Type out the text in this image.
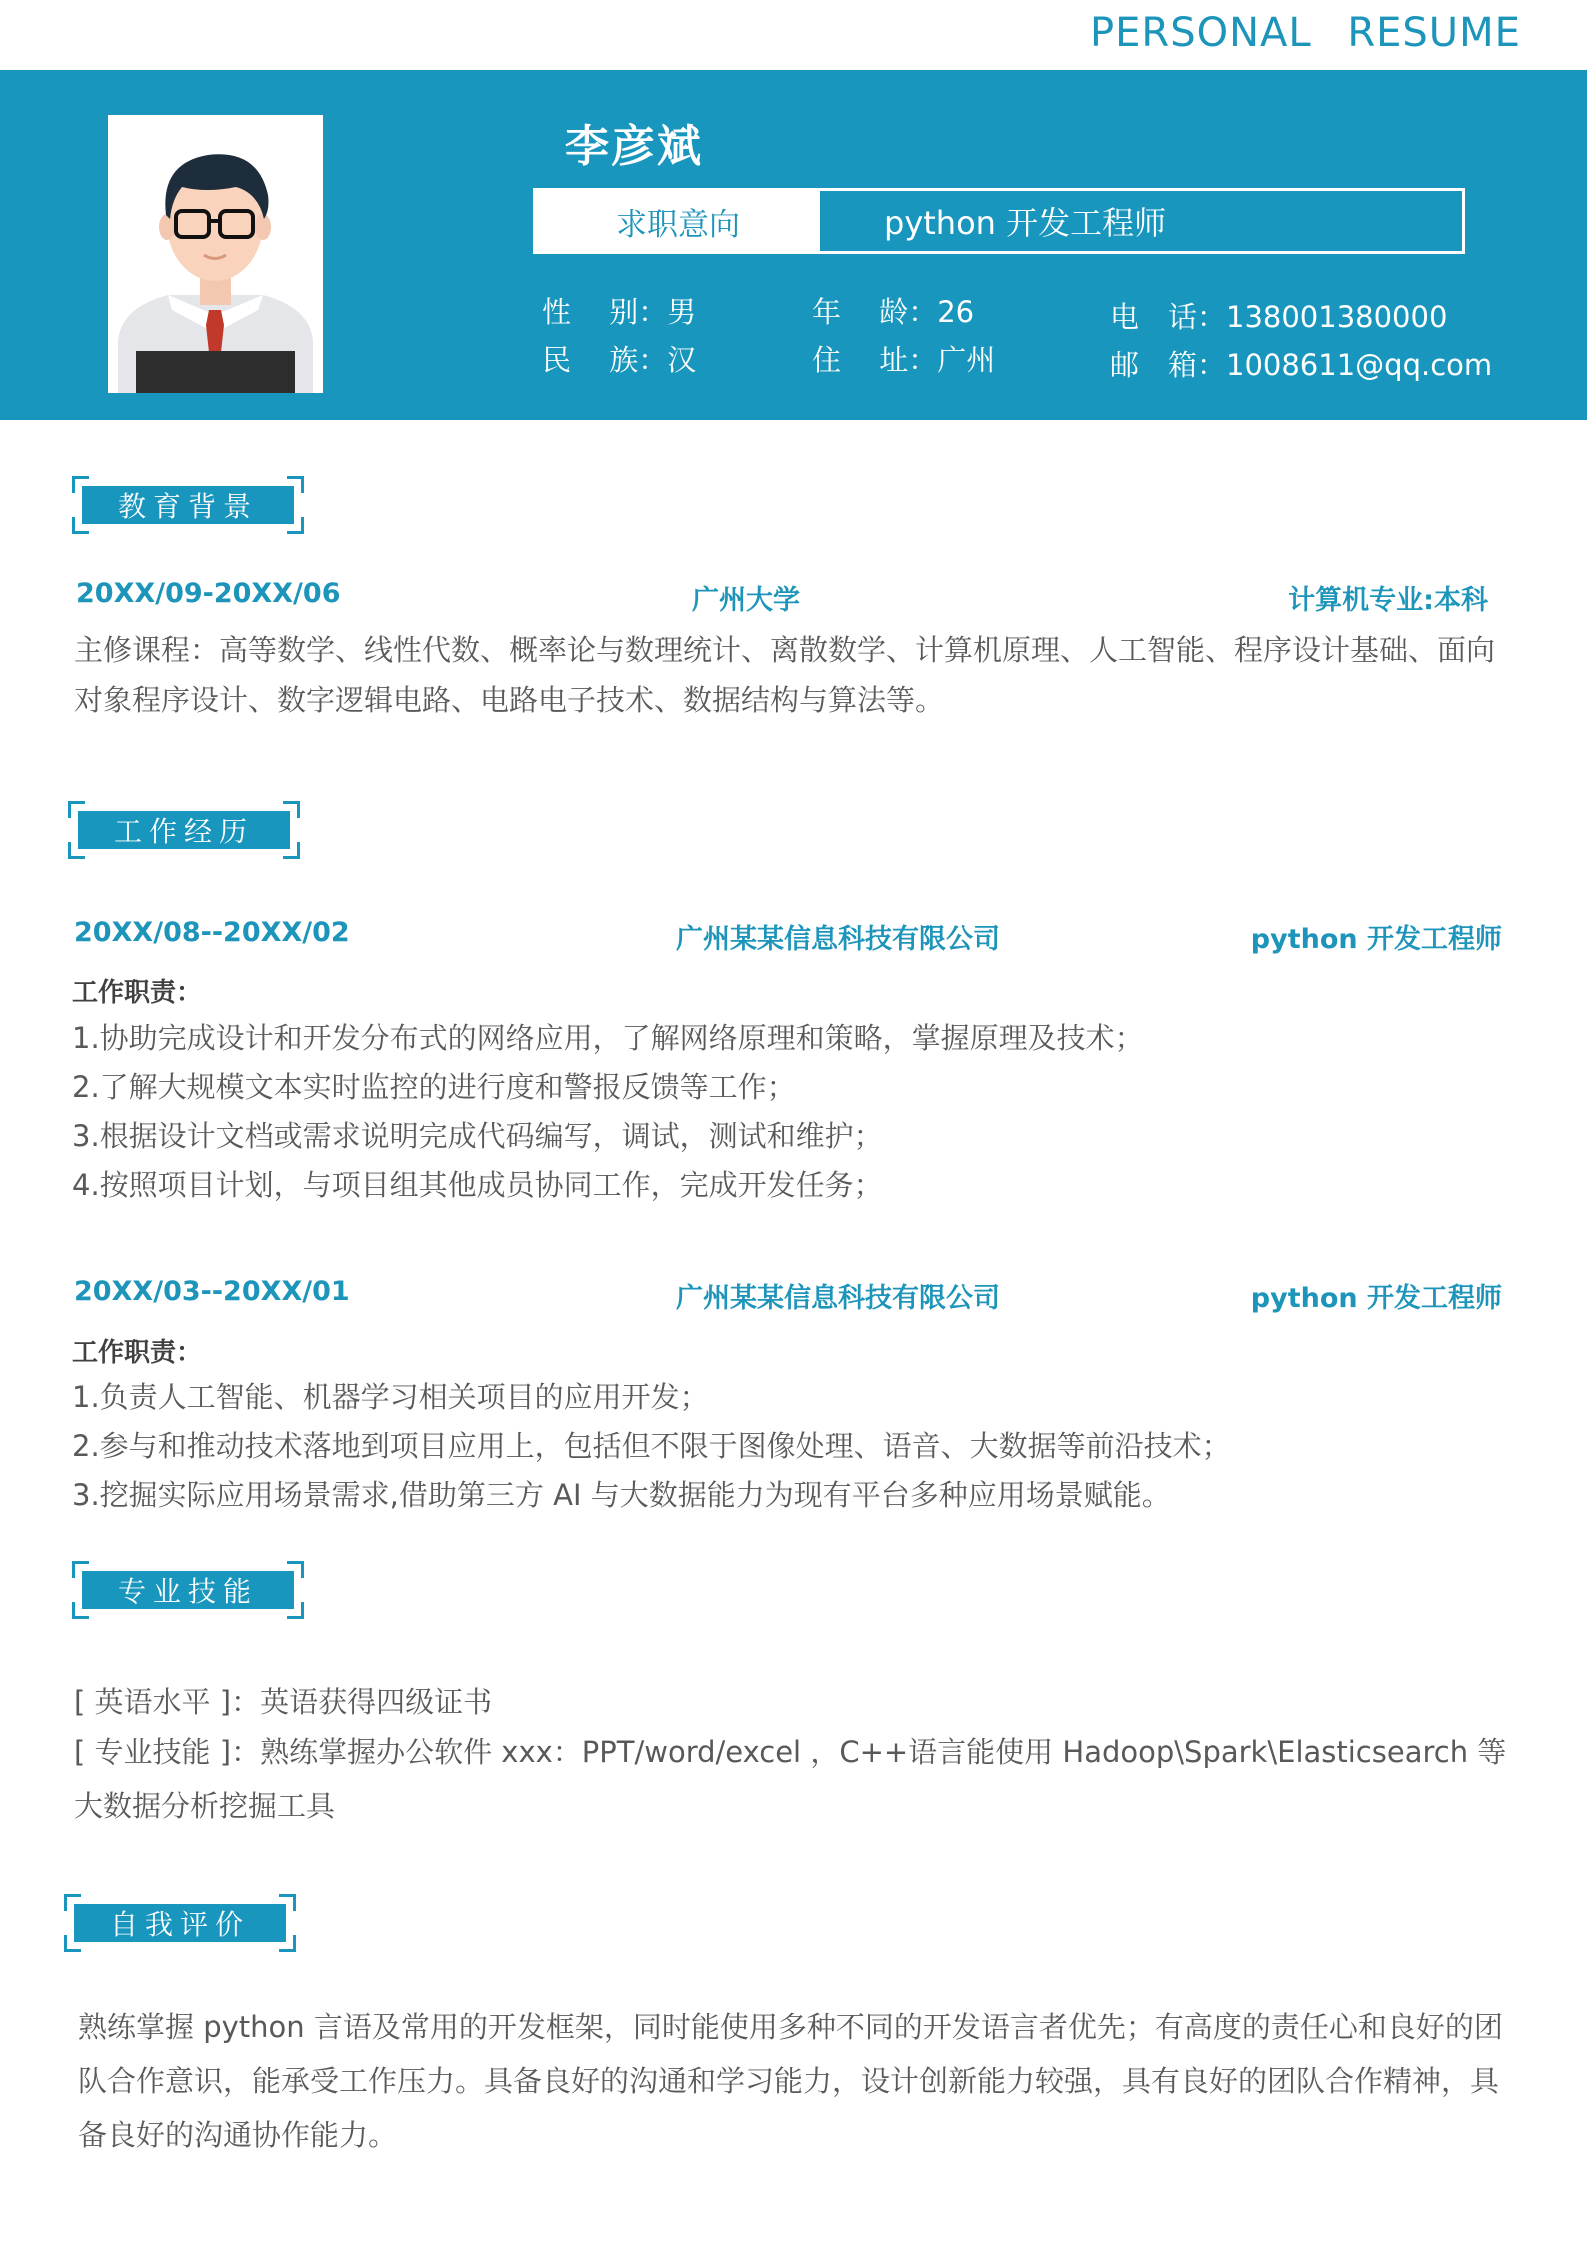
PERSONAL RESUME
李彦斌
求职意向	python 开发工程师
性　 别：男	年　 龄：26	电　话：138001380000
民　 族：汉	住　 址：广州	邮　箱：1008611@qq.com
教育背景
20XX/09-20XX/06	广州大学	计算机专业:本科
主修课程：高等数学、线性代数、概率论与数理统计、离散数学、计算机原理、人工智能、程序设计基础、面向对象程序设计、数字逻辑电路、电路电子技术、数据结构与算法等。
工作经历
20XX/08--20XX/02	广州某某信息科技有限公司	python 开发工程师
工作职责：
1.协助完成设计和开发分布式的网络应用，了解网络原理和策略，掌握原理及技术；
2.了解大规模文本实时监控的进行度和警报反馈等工作；
3.根据设计文档或需求说明完成代码编写，调试，测试和维护；
4.按照项目计划，与项目组其他成员协同工作，完成开发任务；
20XX/03--20XX/01	广州某某信息科技有限公司	python 开发工程师
工作职责：
1.负责人工智能、机器学习相关项目的应用开发；
2.参与和推动技术落地到项目应用上，包括但不限于图像处理、语音、大数据等前沿技术；
3.挖掘实际应用场景需求,借助第三方 AI 与大数据能力为现有平台多种应用场景赋能。
专业技能
[ 英语水平 ]：英语获得四级证书
[ 专业技能 ]：熟练掌握办公软件 xxx：PPT/word/excel ，C++语言能使用 Hadoop\Spark\Elasticsearch 等大数据分析挖掘工具
自我评价
熟练掌握 python 言语及常用的开发框架，同时能使用多种不同的开发语言者优先；有高度的责任心和良好的团队合作意识，能承受工作压力。具备良好的沟通和学习能力，设计创新能力较强，具有良好的团队合作精神，具备良好的沟通协作能力。
